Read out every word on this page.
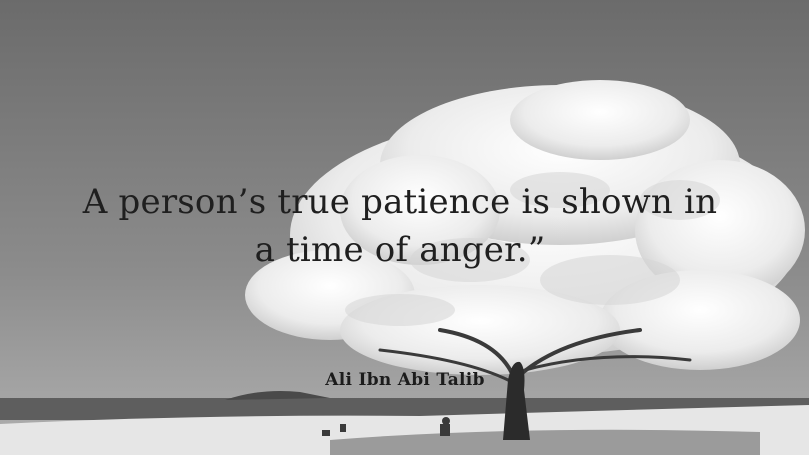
A person’s true patience is shown in
a time of anger.”
Ali Ibn Abi Talib
